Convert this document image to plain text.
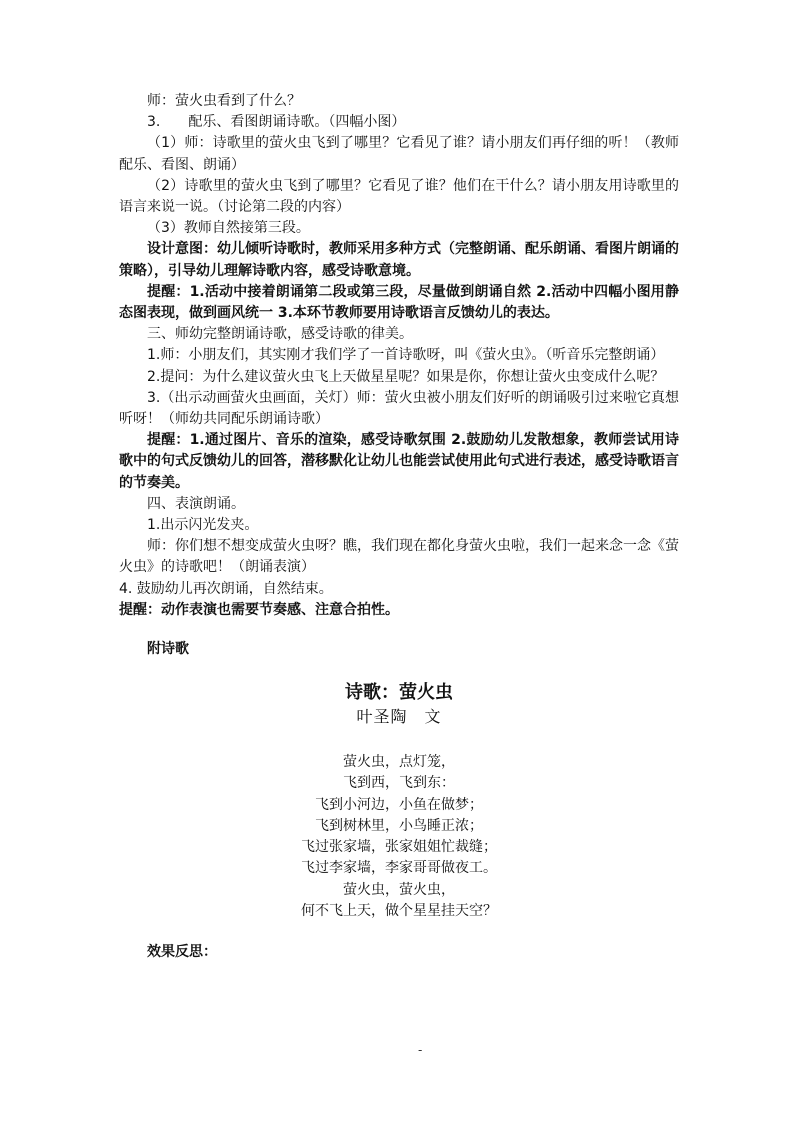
师：萤火虫看到了什么？

3.　　配乐、看图朗诵诗歌。（四幅小图）

（1）师：诗歌里的萤火虫飞到了哪里？它看见了谁？请小朋友们再仔细的听！（教师配乐、看图、朗诵）

（2）诗歌里的萤火虫飞到了哪里？它看见了谁？他们在干什么？请小朋友用诗歌里的语言来说一说。（讨论第二段的内容）

（3）教师自然接第三段。

设计意图：幼儿倾听诗歌时，教师采用多种方式（完整朗诵、配乐朗诵、看图片朗诵的策略），引导幼儿理解诗歌内容，感受诗歌意境。

提醒：1.活动中接着朗诵第二段或第三段，尽量做到朗诵自然 2.活动中四幅小图用静态图表现，做到画风统一 3.本环节教师要用诗歌语言反馈幼儿的表达。

三、师幼完整朗诵诗歌，感受诗歌的律美。

1.师：小朋友们，其实刚才我们学了一首诗歌呀，叫《萤火虫》。（听音乐完整朗诵）

2.提问：为什么建议萤火虫飞上天做星星呢？如果是你，你想让萤火虫变成什么呢？

3.（出示动画萤火虫画面，关灯）师：萤火虫被小朋友们好听的朗诵吸引过来啦它真想听呀！（师幼共同配乐朗诵诗歌）

提醒：1.通过图片、音乐的渲染，感受诗歌氛围 2.鼓励幼儿发散想象，教师尝试用诗歌中的句式反馈幼儿的回答，潜移默化让幼儿也能尝试使用此句式进行表述，感受诗歌语言的节奏美。

四、表演朗诵。

1.出示闪光发夹。

师：你们想不想变成萤火虫呀？瞧，我们现在都化身萤火虫啦，我们一起来念一念《萤火虫》的诗歌吧！（朗诵表演）

4. 鼓励幼儿再次朗诵，自然结束。

提醒：动作表演也需要节奏感、注意合拍性。

附诗歌

诗歌：萤火虫
叶圣陶　文
萤火虫，点灯笼，
飞到西，飞到东：
飞到小河边，小鱼在做梦；
飞到树林里，小鸟睡正浓；
飞过张家墙，张家姐姐忙裁缝；
飞过李家墙，李家哥哥做夜工。
萤火虫，萤火虫，
何不飞上天，做个星星挂天空？

效果反思：

-
